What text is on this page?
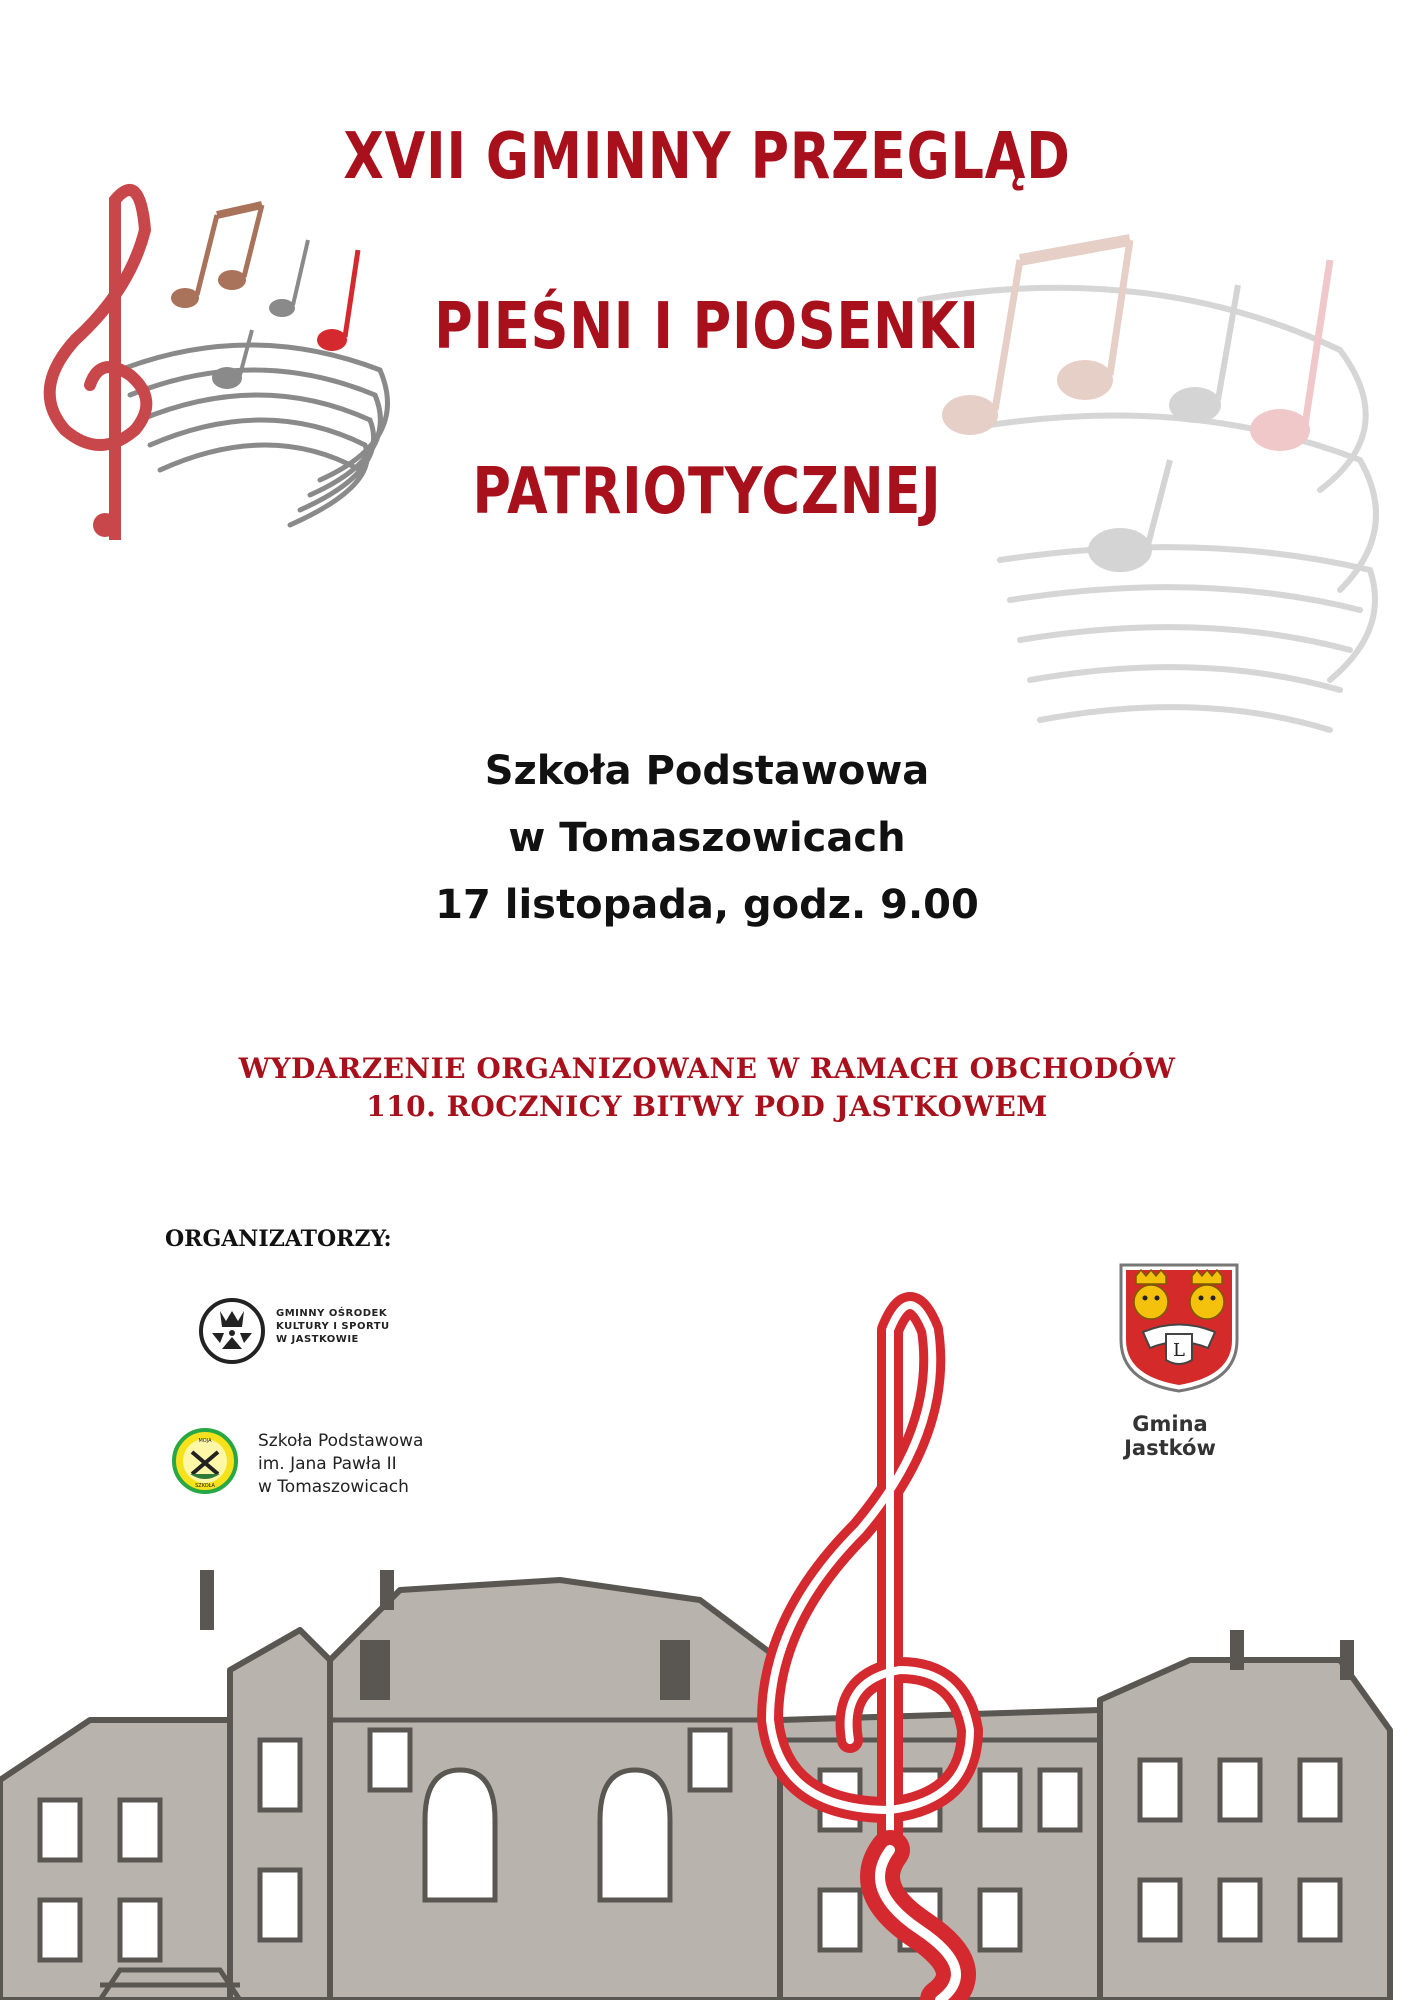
XVII GMINNY PRZEGLĄD
PIEŚNI I PIOSENKI
PATRIOTYCZNEJ
Szkoła Podstawowa
w Tomaszowicach
17 listopada, godz. 9.00
WYDARZENIE ORGANIZOWANE W RAMACH OBCHODÓW
110. ROCZNICY BITWY POD JASTKOWEM
ORGANIZATORZY:
GMINNY OŚRODEK
KULTURY I SPORTU
W JASTKOWIE
MOJA
SZKOŁA
Szkoła Podstawowa
im. Jana Pawła II
w Tomaszowicach
L
Gmina
Jastków
